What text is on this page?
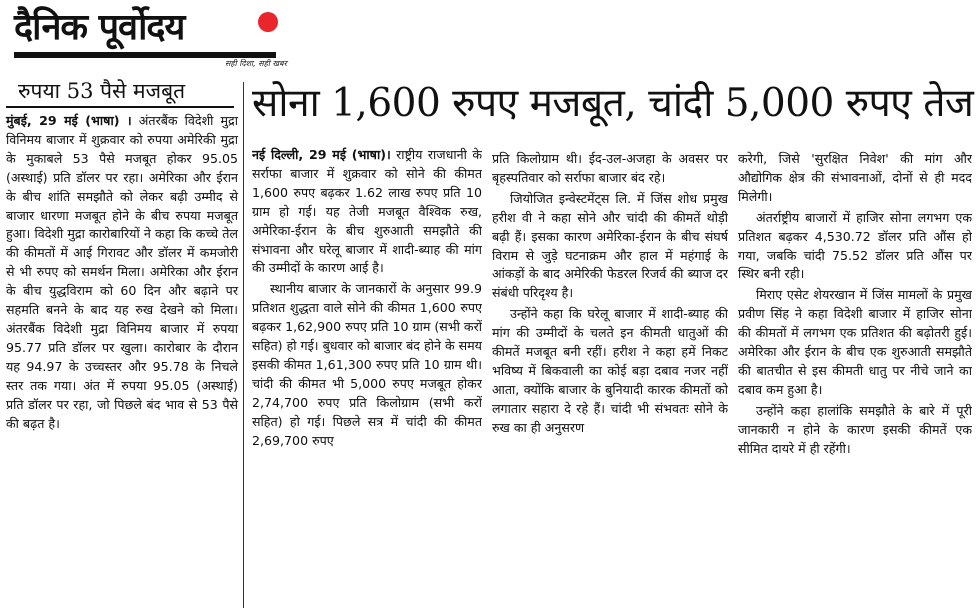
दैनिक पूर्वोदय
सही दिशा, सही खबर
रुपया 53 पैसे मजबूत

मुंबई, 29 मई (भाषा) । अंतरबैंक विदेशी मुद्रा विनिमय बाजार में शुक्रवार को रुपया अमेरिकी मुद्रा के मुकाबले 53 पैसे मजबूत होकर 95.05 (अस्थाई) प्रति डॉलर पर रहा। अमेरिका और ईरान के बीच शांति समझौते को लेकर बढ़ी उम्मीद से बाजार धारणा मजबूत होने के बीच रुपया मजबूत हुआ। विदेशी मुद्रा कारोबारियों ने कहा कि कच्चे तेल की कीमतों में आई गिरावट और डॉलर में कमजोरी से भी रुपए को समर्थन मिला। अमेरिका और ईरान के बीच युद्धविराम को 60 दिन और बढ़ाने पर सहमति बनने के बाद यह रुख देखने को मिला। अंतरबैंक विदेशी मुद्रा विनिमय बाजार में रुपया 95.77 प्रति डॉलर पर खुला। कारोबार के दौरान यह 94.97 के उच्चस्तर और 95.78 के निचले स्तर तक गया। अंत में रुपया 95.05 (अस्थाई) प्रति डॉलर पर रहा, जो पिछले बंद भाव से 53 पैसे की बढ़त है।

सोना 1,600 रुपए मजबूत, चांदी 5,000 रुपए तेज

नई दिल्ली, 29 मई (भाषा)। राष्ट्रीय राजधानी के सर्राफा बाजार में शुक्रवार को सोने की कीमत 1,600 रुपए बढ़कर 1.62 लाख रुपए प्रति 10 ग्राम हो गई। यह तेजी मजबूत वैश्विक रुख, अमेरिका-ईरान के बीच शुरुआती समझौते की संभावना और घरेलू बाजार में शादी-ब्याह की मांग की उम्मीदों के कारण आई है।

स्थानीय बाजार के जानकारों के अनुसार 99.9 प्रतिशत शुद्धता वाले सोने की कीमत 1,600 रुपए बढ़कर 1,62,900 रुपए प्रति 10 ग्राम (सभी करों सहित) हो गई। बुधवार को बाजार बंद होने के समय इसकी कीमत 1,61,300 रुपए प्रति 10 ग्राम थी। चांदी की कीमत भी 5,000 रुपए मजबूत होकर 2,74,700 रुपए प्रति किलोग्राम (सभी करों सहित) हो गई। पिछले सत्र में चांदी की कीमत 2,69,700 रुपए

प्रति किलोग्राम थी। ईद-उल-अजहा के अवसर पर बृहस्पतिवार को सर्राफा बाजार बंद रहे।

जियोजित इन्वेस्टमेंट्स लि. में जिंस शोध प्रमुख हरीश वी ने कहा सोने और चांदी की कीमतें थोड़ी बढ़ी हैं। इसका कारण अमेरिका-ईरान के बीच संघर्ष विराम से जुड़े घटनाक्रम और हाल में महंगाई के आंकड़ों के बाद अमेरिकी फेडरल रिजर्व की ब्याज दर संबंधी परिदृश्य है।

उन्होंने कहा कि घरेलू बाजार में शादी-ब्याह की मांग की उम्मीदों के चलते इन कीमती धातुओं की कीमतें मजबूत बनी रहीं। हरीश ने कहा हमें निकट भविष्य में बिकवाली का कोई बड़ा दबाव नजर नहीं आता, क्योंकि बाजार के बुनियादी कारक कीमतों को लगातार सहारा दे रहे हैं। चांदी भी संभवतः सोने के रुख का ही अनुसरण

करेगी, जिसे 'सुरक्षित निवेश' की मांग और औद्योगिक क्षेत्र की संभावनाओं, दोनों से ही मदद मिलेगी।

अंतर्राष्ट्रीय बाजारों में हाजिर सोना लगभग एक प्रतिशत बढ़कर 4,530.72 डॉलर प्रति औंस हो गया, जबकि चांदी 75.52 डॉलर प्रति औंस पर स्थिर बनी रही।

मिराए एसेट शेयरखान में जिंस मामलों के प्रमुख प्रवीण सिंह ने कहा विदेशी बाजार में हाजिर सोना की कीमतों में लगभग एक प्रतिशत की बढ़ोतरी हुई। अमेरिका और ईरान के बीच एक शुरुआती समझौते की बातचीत से इस कीमती धातु पर नीचे जाने का दबाव कम हुआ है।

उन्होंने कहा हालांकि समझौते के बारे में पूरी जानकारी न होने के कारण इसकी कीमतें एक सीमित दायरे में ही रहेंगी।
